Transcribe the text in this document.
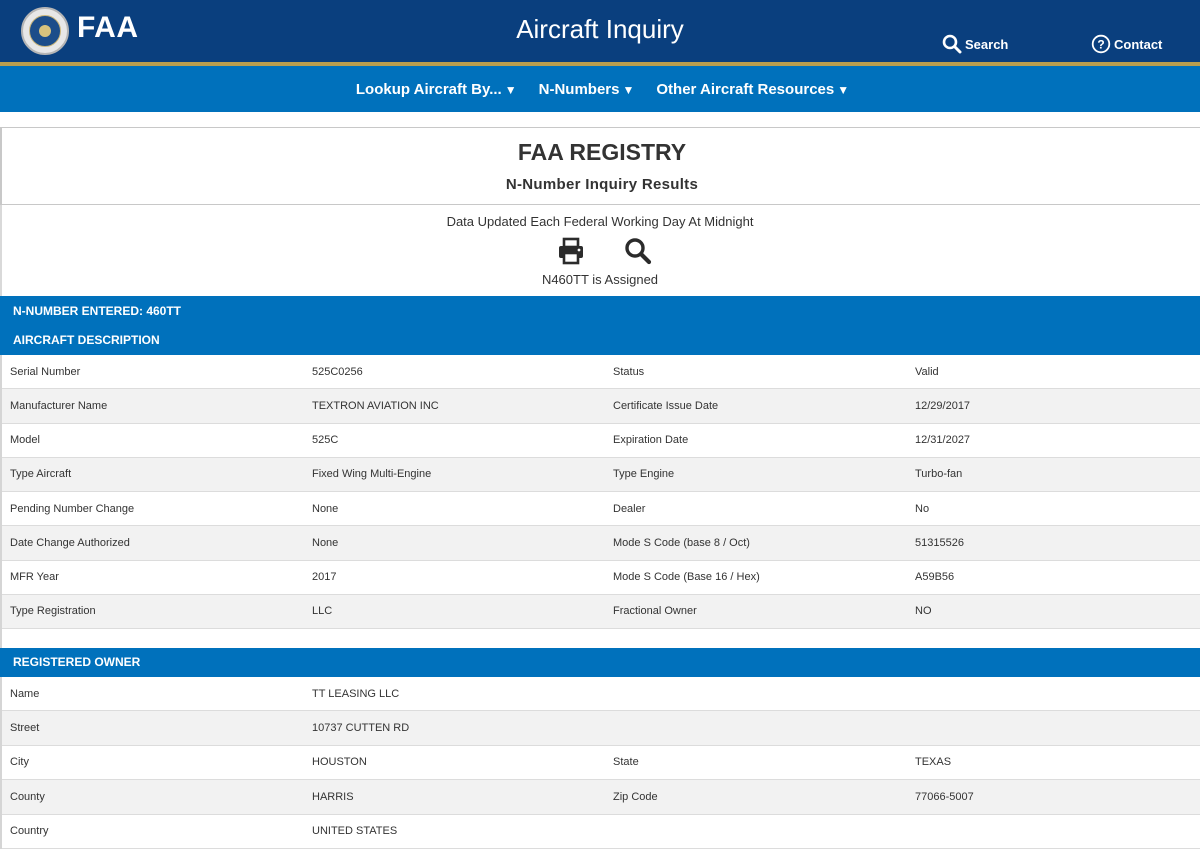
FAA	Aircraft Inquiry	Search	? Contact
Lookup Aircraft By... ▼ N-Numbers ▼ Other Aircraft Resources ▼
FAA REGISTRY
N-Number Inquiry Results
Data Updated Each Federal Working Day At Midnight
N460TT is Assigned
N-NUMBER ENTERED: 460TT
AIRCRAFT DESCRIPTION
Serial Number	525C0256	Status	Valid
Manufacturer Name	TEXTRON AVIATION INC	Certificate Issue Date	12/29/2017
Model	525C	Expiration Date	12/31/2027
Type Aircraft	Fixed Wing Multi-Engine	Type Engine	Turbo-fan
Pending Number Change	None	Dealer	No
Date Change Authorized	None	Mode S Code (base 8 / Oct)	51315526
MFR Year	2017	Mode S Code (Base 16 / Hex)	A59B56
Type Registration	LLC	Fractional Owner	NO
REGISTERED OWNER
Name	TT LEASING LLC
Street	10737 CUTTEN RD
City	HOUSTON	State	TEXAS
County	HARRIS	Zip Code	77066-5007
Country	UNITED STATES
